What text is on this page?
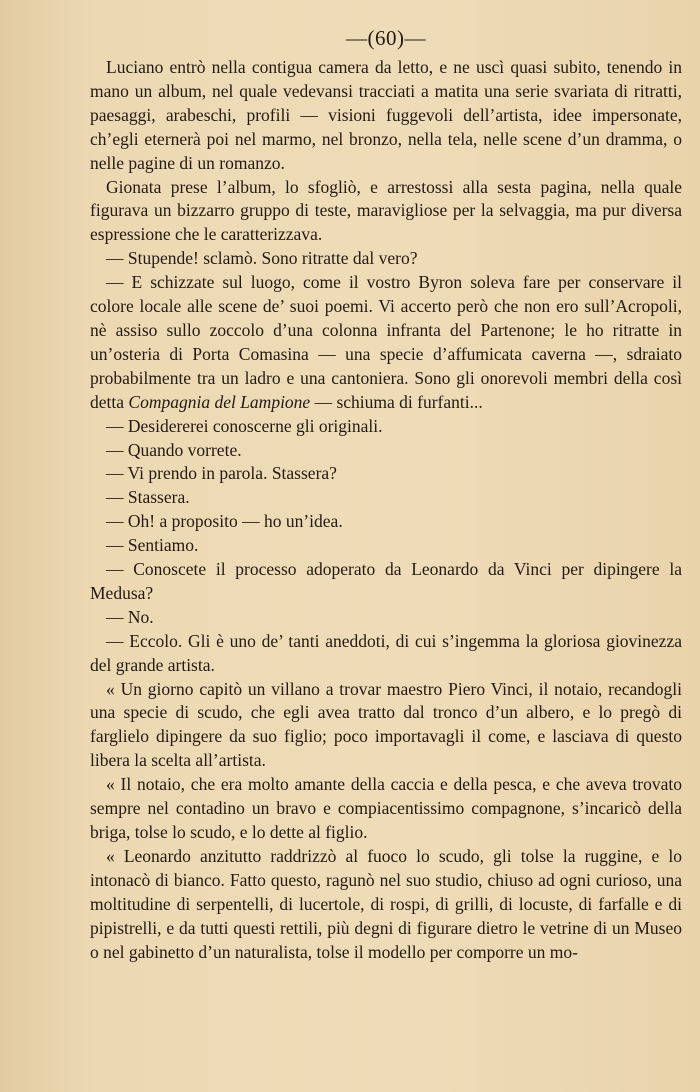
—(60)—

Luciano entrò nella contigua camera da letto, e ne uscì quasi subito, tenendo in mano un album, nel quale vedevansi tracciati a matita una serie svariata di ritratti, paesaggi, arabeschi, profili — visioni fuggevoli dell’artista, idee impersonate, ch’egli eternerà poi nel marmo, nel bronzo, nella tela, nelle scene d’un dramma, o nelle pagine di un romanzo.

Gionata prese l’album, lo sfogliò, e arrestossi alla sesta pagina, nella quale figurava un bizzarro gruppo di teste, maravigliose per la selvaggia, ma pur diversa espressione che le caratterizzava.

— Stupende! sclamò. Sono ritratte dal vero?

— E schizzate sul luogo, come il vostro Byron soleva fare per conservare il colore locale alle scene de’ suoi poemi. Vi accerto però che non ero sull’Acropoli, nè assiso sullo zoccolo d’una colonna infranta del Partenone; le ho ritratte in un’osteria di Porta Comasina — una specie d’affumicata caverna —, sdraiato probabilmente tra un ladro e una cantoniera. Sono gli onorevoli membri della così detta Compagnia del Lampione — schiuma di furfanti...

— Desidererei conoscerne gli originali.

— Quando vorrete.

— Vi prendo in parola. Stassera?

— Stassera.

— Oh! a proposito — ho un’idea.

— Sentiamo.

— Conoscete il processo adoperato da Leonardo da Vinci per dipingere la Medusa?

— No.

— Eccolo. Gli è uno de’ tanti aneddoti, di cui s’ingemma la gloriosa giovinezza del grande artista.

« Un giorno capitò un villano a trovar maestro Piero Vinci, il notaio, recandogli una specie di scudo, che egli avea tratto dal tronco d’un albero, e lo pregò di farglielo dipingere da suo figlio; poco importavagli il come, e lasciava di questo libera la scelta all’artista.

« Il notaio, che era molto amante della caccia e della pesca, e che aveva trovato sempre nel contadino un bravo e compiacentissimo compagnone, s’incaricò della briga, tolse lo scudo, e lo dette al figlio.

« Leonardo anzitutto raddrizzò al fuoco lo scudo, gli tolse la ruggine, e lo intonacò di bianco. Fatto questo, ragunò nel suo studio, chiuso ad ogni curioso, una moltitudine di serpentelli, di lucertole, di rospi, di grilli, di locuste, di farfalle e di pipistrelli, e da tutti questi rettili, più degni di figurare dietro le vetrine di un Museo o nel gabinetto d’un naturalista, tolse il modello per comporre un mo-
